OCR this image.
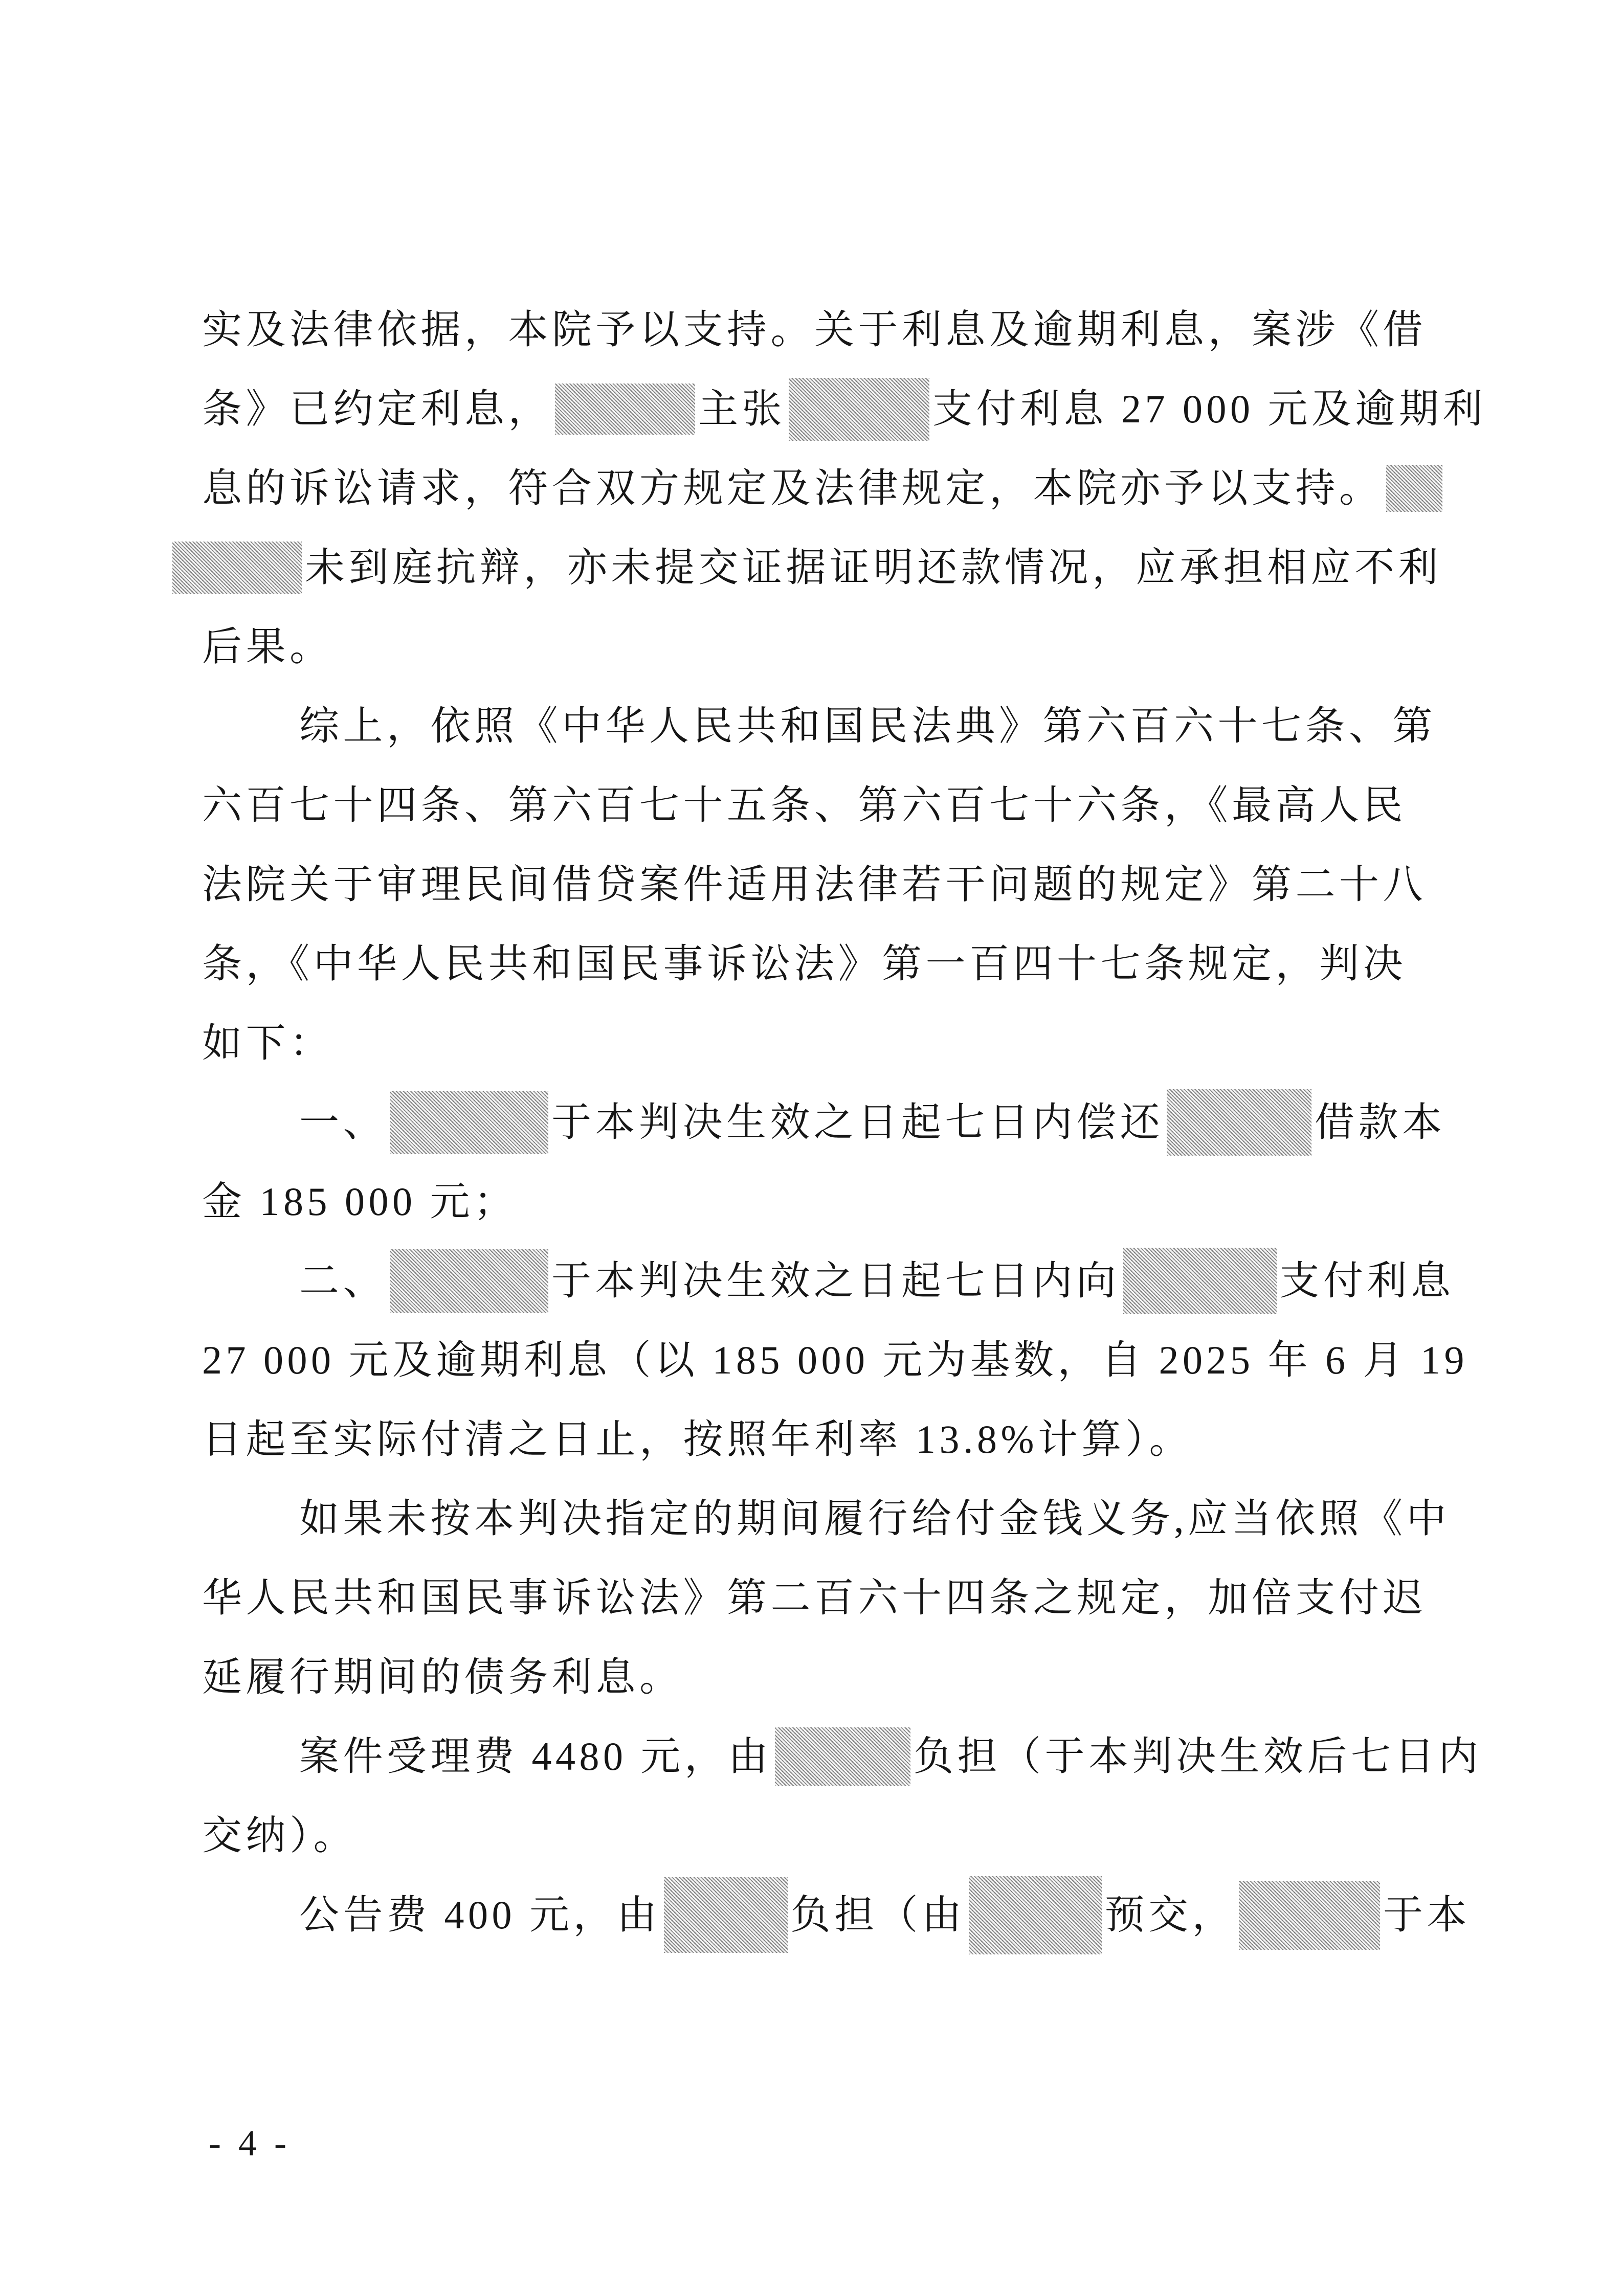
实及法律依据，本院予以支持。关于利息及逾期利息，案涉《借
条》已约定利息，	主张	支付利息 27 000 元及逾期利
息的诉讼请求，符合双方规定及法律规定，本院亦予以支持。
未到庭抗辩，亦未提交证据证明还款情况，应承担相应不利
后果。
综上，依照《中华人民共和国民法典》第六百六十七条、第
六百七十四条、第六百七十五条、第六百七十六条，《最高人民
法院关于审理民间借贷案件适用法律若干问题的规定》第二十八
条，《中华人民共和国民事诉讼法》第一百四十七条规定，判决
如下：
一、	于本判决生效之日起七日内偿还	借款本
金 185 000 元；
二、	于本判决生效之日起七日内向	支付利息
27 000 元及逾期利息（以 185 000 元为基数，自 2025 年 6 月 19
日起至实际付清之日止，按照年利率 13.8%计算）。
如果未按本判决指定的期间履行给付金钱义务,应当依照《中
华人民共和国民事诉讼法》第二百六十四条之规定，加倍支付迟
延履行期间的债务利息。
案件受理费 4480 元，由	负担（于本判决生效后七日内
交纳）。
公告费 400 元，由	负担（由	预交，	于本
- 4 -
